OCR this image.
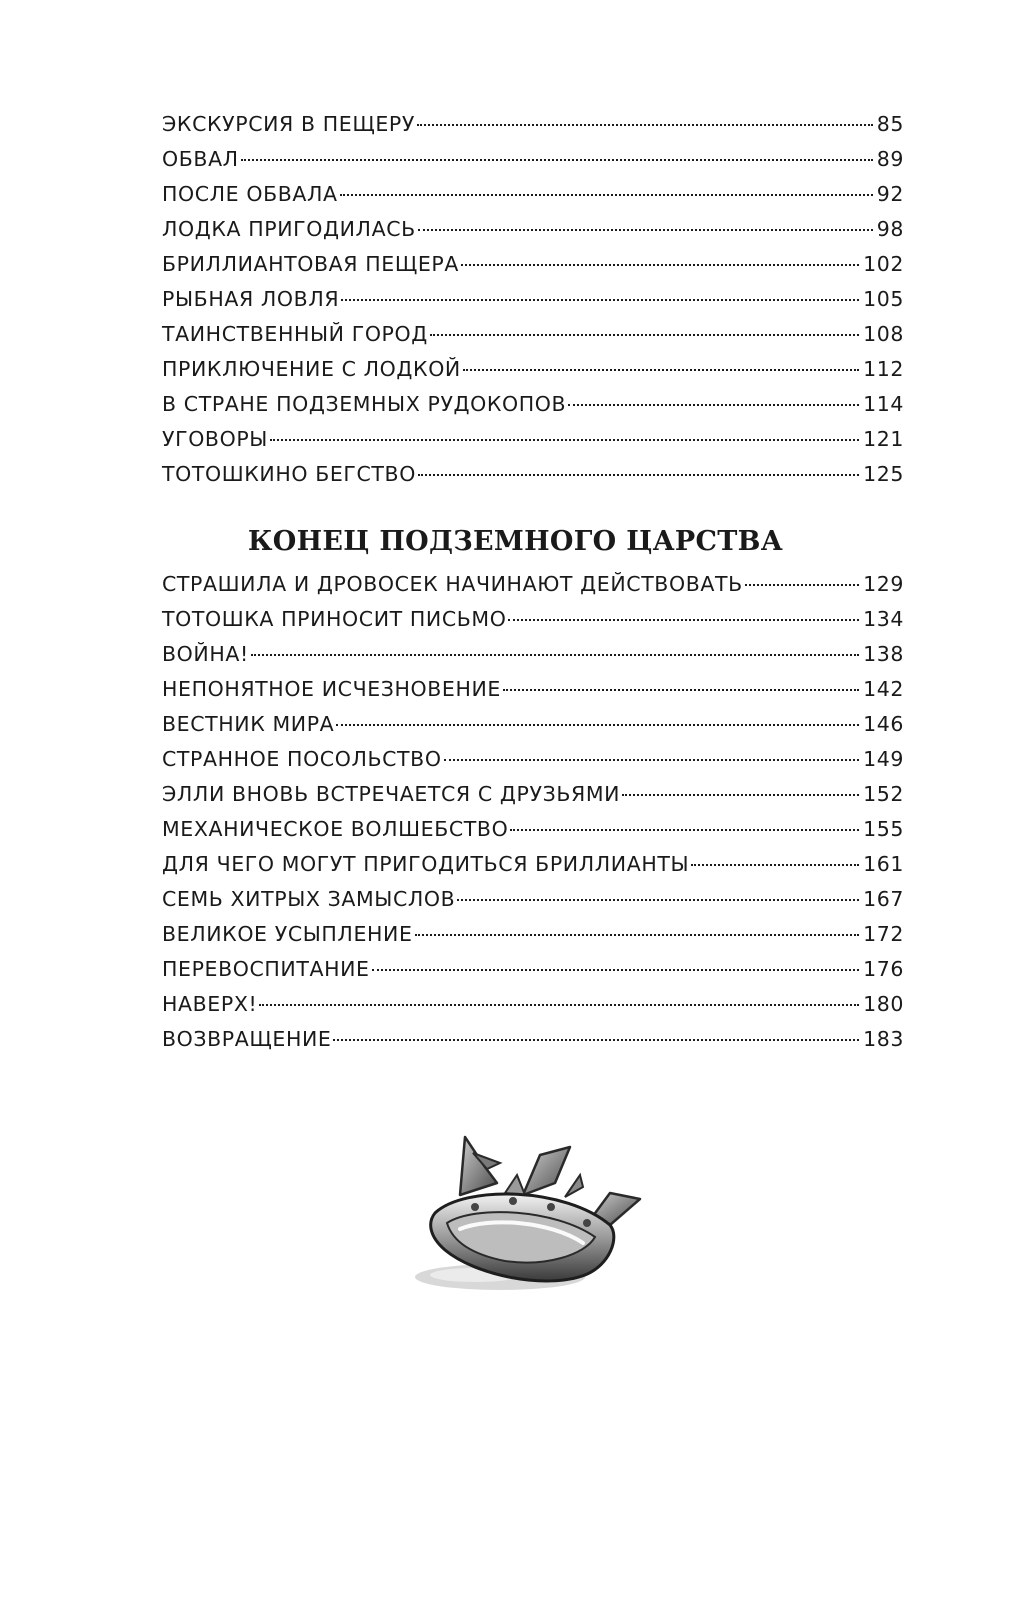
ЭКСКУРСИЯ В ПЕЩЕРУ	85
ОБВАЛ	89
ПОСЛЕ ОБВАЛА	92
ЛОДКА ПРИГОДИЛАСЬ	98
БРИЛЛИАНТОВАЯ ПЕЩЕРА	102
РЫБНАЯ ЛОВЛЯ	105
ТАИНСТВЕННЫЙ ГОРОД	108
ПРИКЛЮЧЕНИЕ С ЛОДКОЙ	112
В СТРАНЕ ПОДЗЕМНЫХ РУДОКОПОВ	114
УГОВОРЫ	121
ТОТОШКИНО БЕГСТВО	125
КОНЕЦ ПОДЗЕМНОГО ЦАРСТВА
СТРАШИЛА И ДРОВОСЕК НАЧИНАЮТ ДЕЙСТВОВАТЬ	129
ТОТОШКА ПРИНОСИТ ПИСЬМО	134
ВОЙНА!	138
НЕПОНЯТНОЕ ИСЧЕЗНОВЕНИЕ	142
ВЕСТНИК МИРА	146
СТРАННОЕ ПОСОЛЬСТВО	149
ЭЛЛИ ВНОВЬ ВСТРЕЧАЕТСЯ С ДРУЗЬЯМИ	152
МЕХАНИЧЕСКОЕ ВОЛШЕБСТВО	155
ДЛЯ ЧЕГО МОГУТ ПРИГОДИТЬСЯ БРИЛЛИАНТЫ	161
СЕМЬ ХИТРЫХ ЗАМЫСЛОВ	167
ВЕЛИКОЕ УСЫПЛЕНИЕ	172
ПЕРЕВОСПИТАНИЕ	176
НАВЕРХ!	180
ВОЗВРАЩЕНИЕ	183
